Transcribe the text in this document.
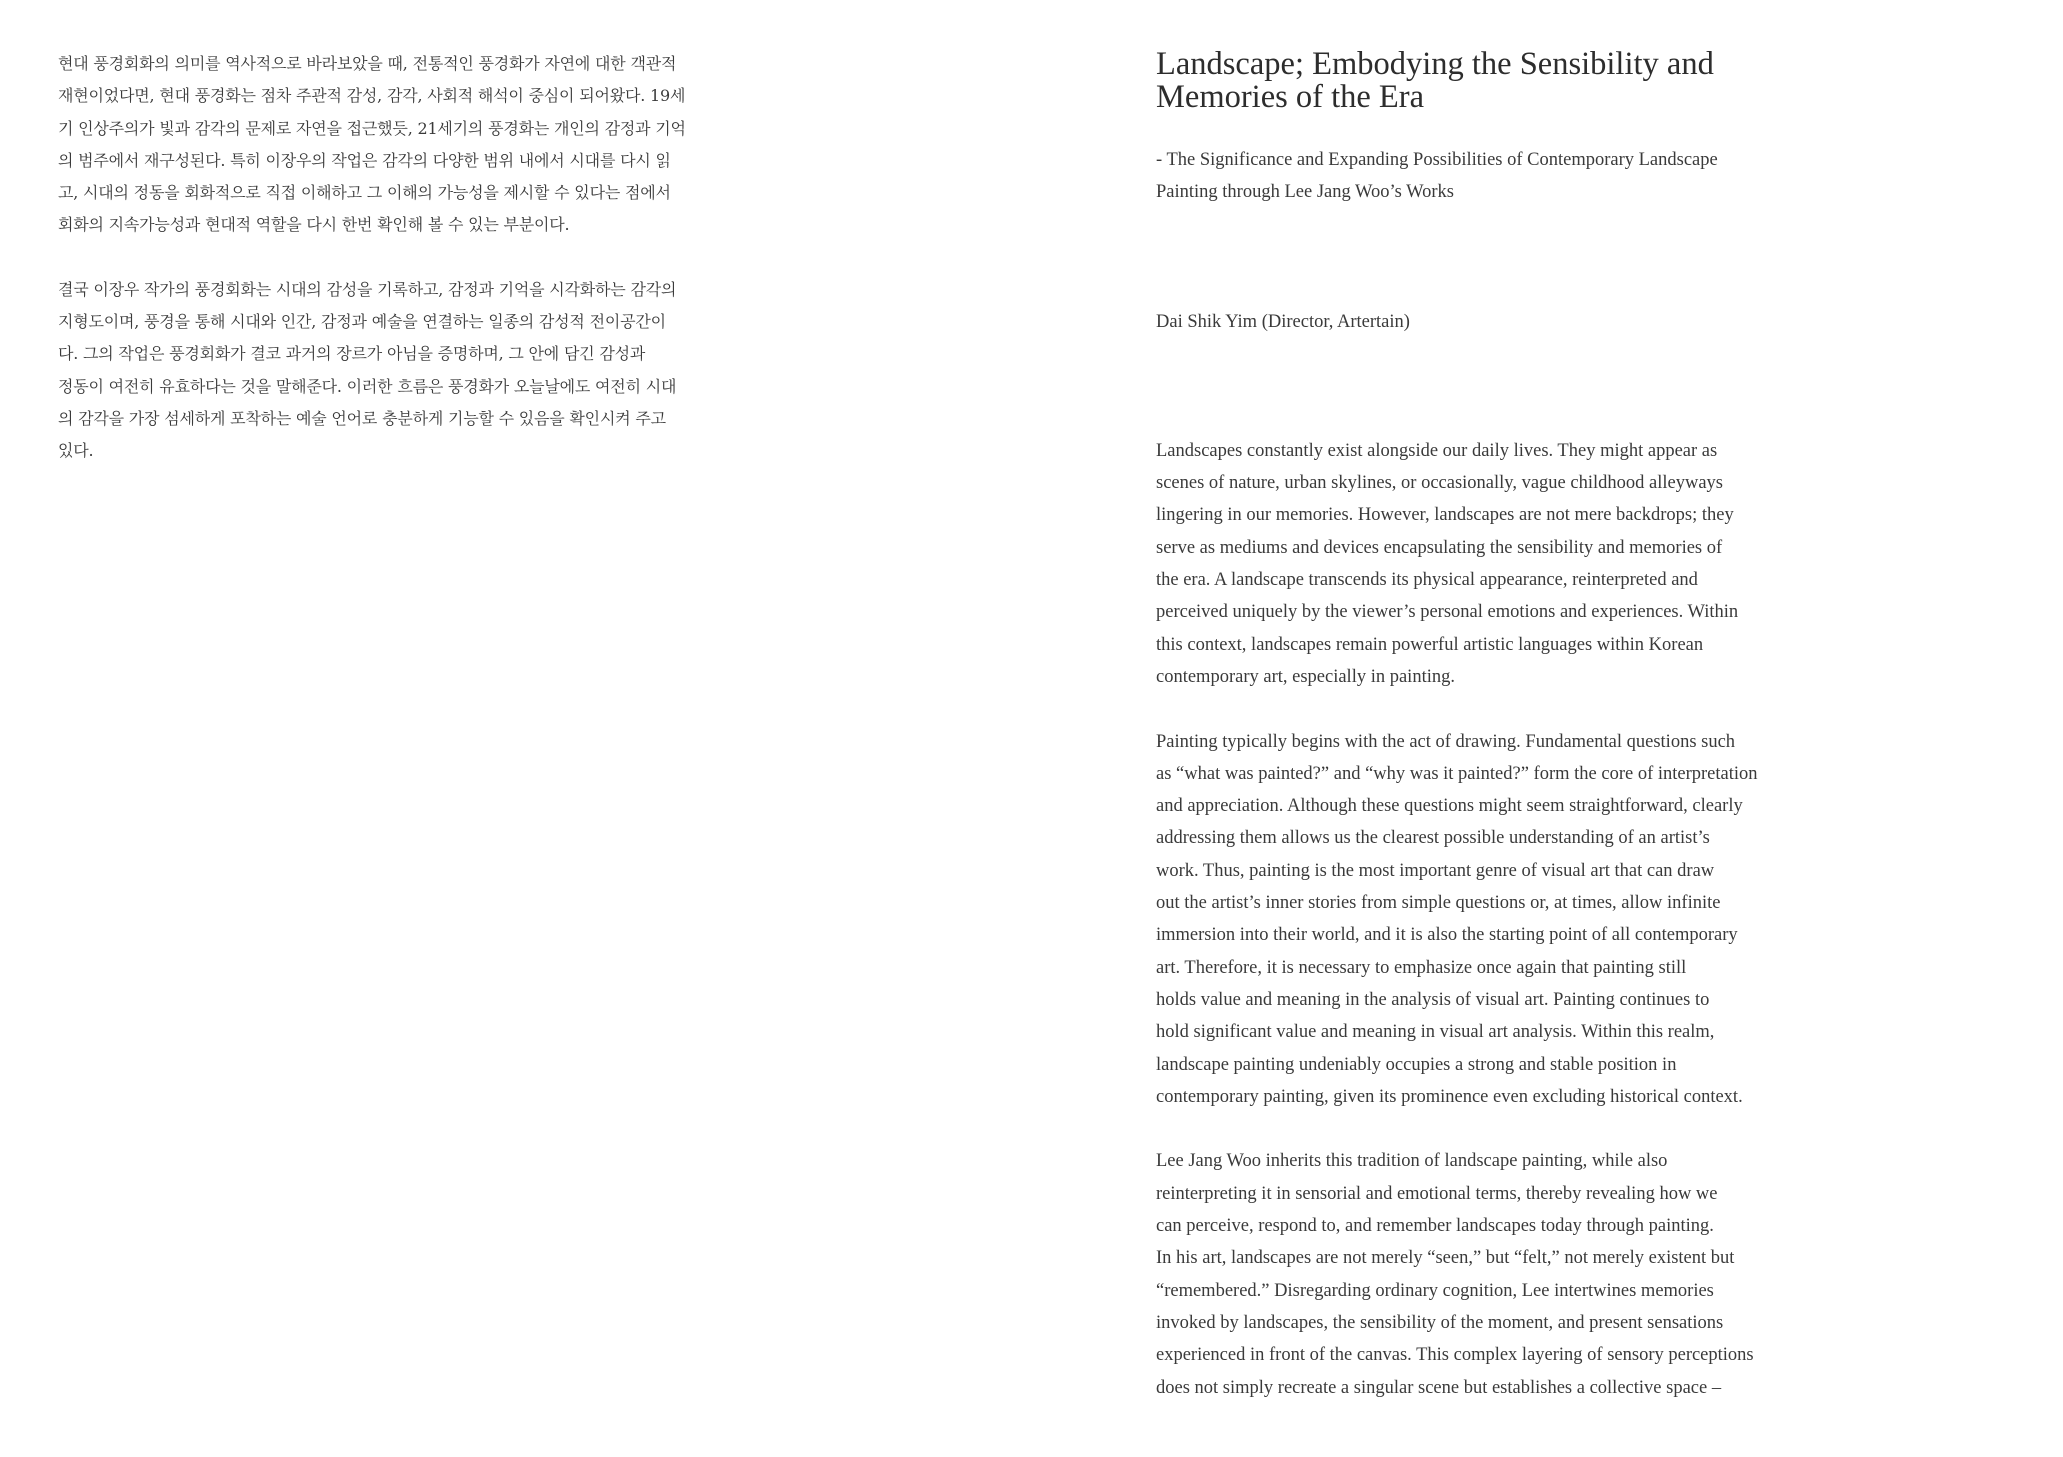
현대 풍경회화의 의미를 역사적으로 바라보았을 때, 전통적인 풍경화가 자연에 대한 객관적
재현이었다면, 현대 풍경화는 점차 주관적 감성, 감각, 사회적 해석이 중심이 되어왔다. 19세
기 인상주의가 빛과 감각의 문제로 자연을 접근했듯, 21세기의 풍경화는 개인의 감정과 기억
의 범주에서 재구성된다. 특히 이장우의 작업은 감각의 다양한 범위 내에서 시대를 다시 읽
고, 시대의 정동을 회화적으로 직접 이해하고 그 이해의 가능성을 제시할 수 있다는 점에서
회화의 지속가능성과 현대적 역할을 다시 한번 확인해 볼 수 있는 부분이다.

결국 이장우 작가의 풍경회화는 시대의 감성을 기록하고, 감정과 기억을 시각화하는 감각의
지형도이며, 풍경을 통해 시대와 인간, 감정과 예술을 연결하는 일종의 감성적 전이공간이
다. 그의 작업은 풍경회화가 결코 과거의 장르가 아님을 증명하며, 그 안에 담긴 감성과
정동이 여전히 유효하다는 것을 말해준다. 이러한 흐름은 풍경화가 오늘날에도 여전히 시대
의 감각을 가장 섬세하게 포착하는 예술 언어로 충분하게 기능할 수 있음을 확인시켜 주고
있다.

Landscape; Embodying the Sensibility and
Memories of the Era

- The Significance and Expanding Possibilities of Contemporary Landscape
Painting through Lee Jang Woo’s Works

Dai Shik Yim (Director, Artertain)

Landscapes constantly exist alongside our daily lives. They might appear as
scenes of nature, urban skylines, or occasionally, vague childhood alleyways
lingering in our memories. However, landscapes are not mere backdrops; they
serve as mediums and devices encapsulating the sensibility and memories of
the era. A landscape transcends its physical appearance, reinterpreted and
perceived uniquely by the viewer’s personal emotions and experiences. Within
this context, landscapes remain powerful artistic languages within Korean
contemporary art, especially in painting.

Painting typically begins with the act of drawing. Fundamental questions such
as “what was painted?” and “why was it painted?” form the core of interpretation
and appreciation. Although these questions might seem straightforward, clearly
addressing them allows us the clearest possible understanding of an artist’s
work. Thus, painting is the most important genre of visual art that can draw
out the artist’s inner stories from simple questions or, at times, allow infinite
immersion into their world, and it is also the starting point of all contemporary
art. Therefore, it is necessary to emphasize once again that painting still
holds value and meaning in the analysis of visual art. Painting continues to
hold significant value and meaning in visual art analysis. Within this realm,
landscape painting undeniably occupies a strong and stable position in
contemporary painting, given its prominence even excluding historical context.

Lee Jang Woo inherits this tradition of landscape painting, while also
reinterpreting it in sensorial and emotional terms, thereby revealing how we
can perceive, respond to, and remember landscapes today through painting.
In his art, landscapes are not merely “seen,” but “felt,” not merely existent but
“remembered.” Disregarding ordinary cognition, Lee intertwines memories
invoked by landscapes, the sensibility of the moment, and present sensations
experienced in front of the canvas. This complex layering of sensory perceptions
does not simply recreate a singular scene but establishes a collective space –
